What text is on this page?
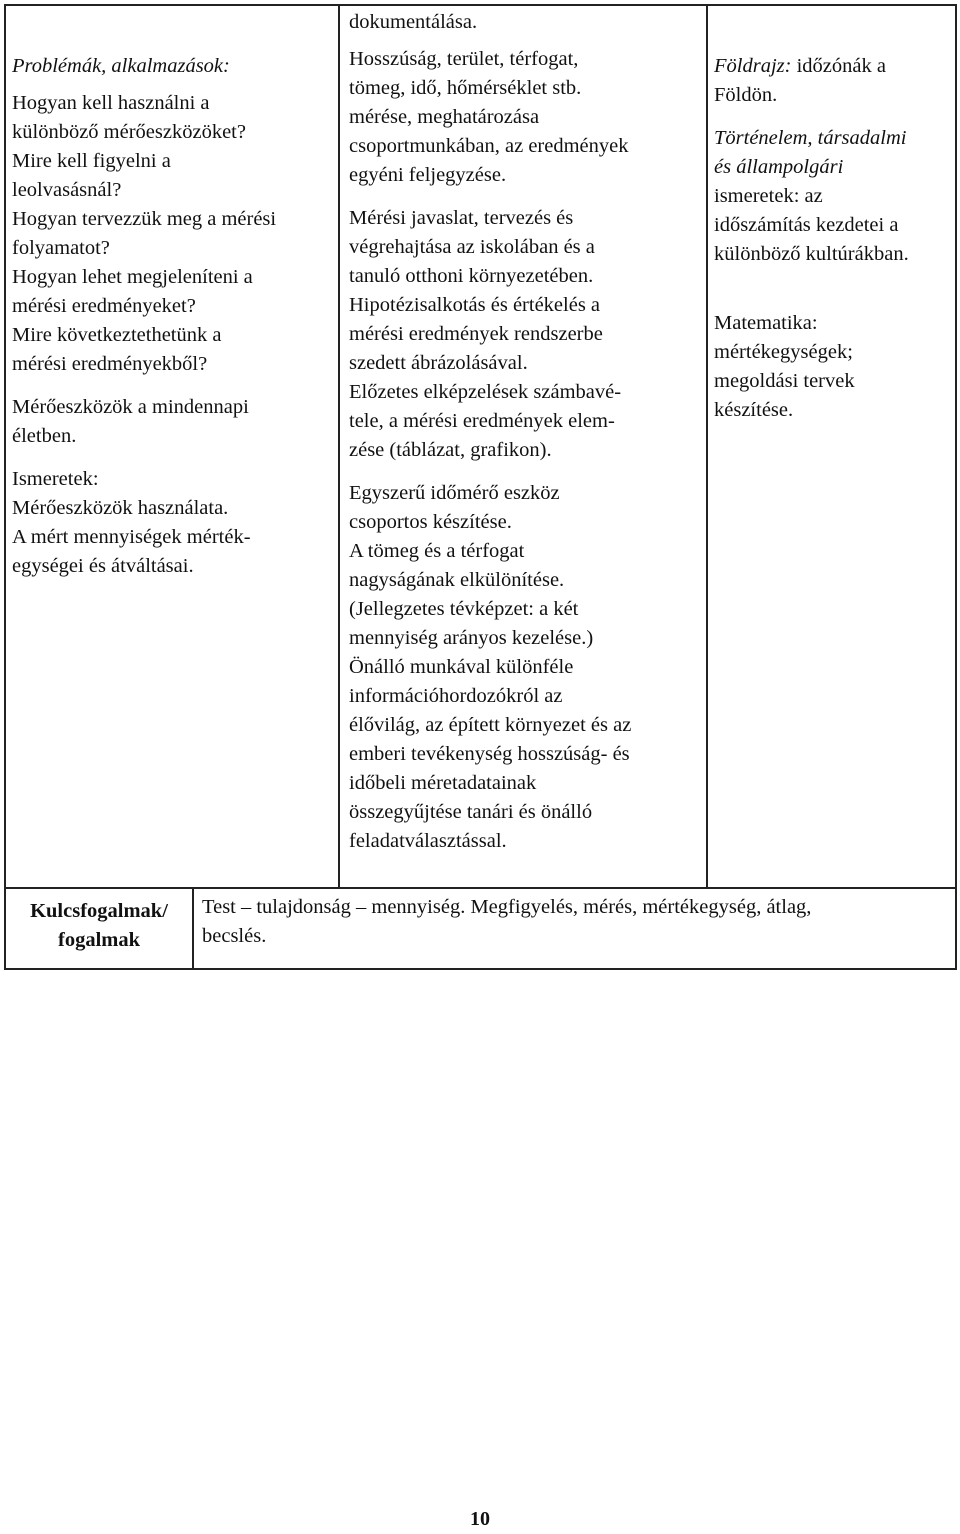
Problémák, alkalmazások:
Hogyan kell használni a
különböző mérőeszközöket?
Mire kell figyelni a
leolvasásnál?
Hogyan tervezzük meg a mérési
folyamatot?
Hogyan lehet megjeleníteni a
mérési eredményeket?
Mire következtethetünk a
mérési eredményekből?
Mérőeszközök a mindennapi
életben.
Ismeretek:
Mérőeszközök használata.
A mért mennyiségek mérték-
egységei és átváltásai.
dokumentálása.
Hosszúság, terület, térfogat,
tömeg, idő, hőmérséklet stb.
mérése, meghatározása
csoportmunkában, az eredmények
egyéni feljegyzése.
Mérési javaslat, tervezés és
végrehajtása az iskolában és a
tanuló otthoni környezetében.
Hipotézisalkotás és értékelés a
mérési eredmények rendszerbe
szedett ábrázolásával.
Előzetes elképzelések számbavé-
tele, a mérési eredmények elem-
zése (táblázat, grafikon).
Egyszerű időmérő eszköz
csoportos készítése.
A tömeg és a térfogat
nagyságának elkülönítése.
(Jellegzetes tévképzet: a két
mennyiség arányos kezelése.)
Önálló munkával különféle
információhordozókról az
élővilág, az épített környezet és az
emberi tevékenység hosszúság- és
időbeli méretadatainak
összegyűjtése tanári és önálló
feladatválasztással.
Földrajz: időzónák a
Földön.
Történelem, társadalmi
és állampolgári
ismeretek: az
időszámítás kezdetei a
különböző kultúrákban.
Matematika:
mértékegységek;
megoldási tervek
készítése.
Kulcsfogalmak/
fogalmak
Test – tulajdonság – mennyiség. Megfigyelés, mérés, mértékegység, átlag,
becslés.
10
